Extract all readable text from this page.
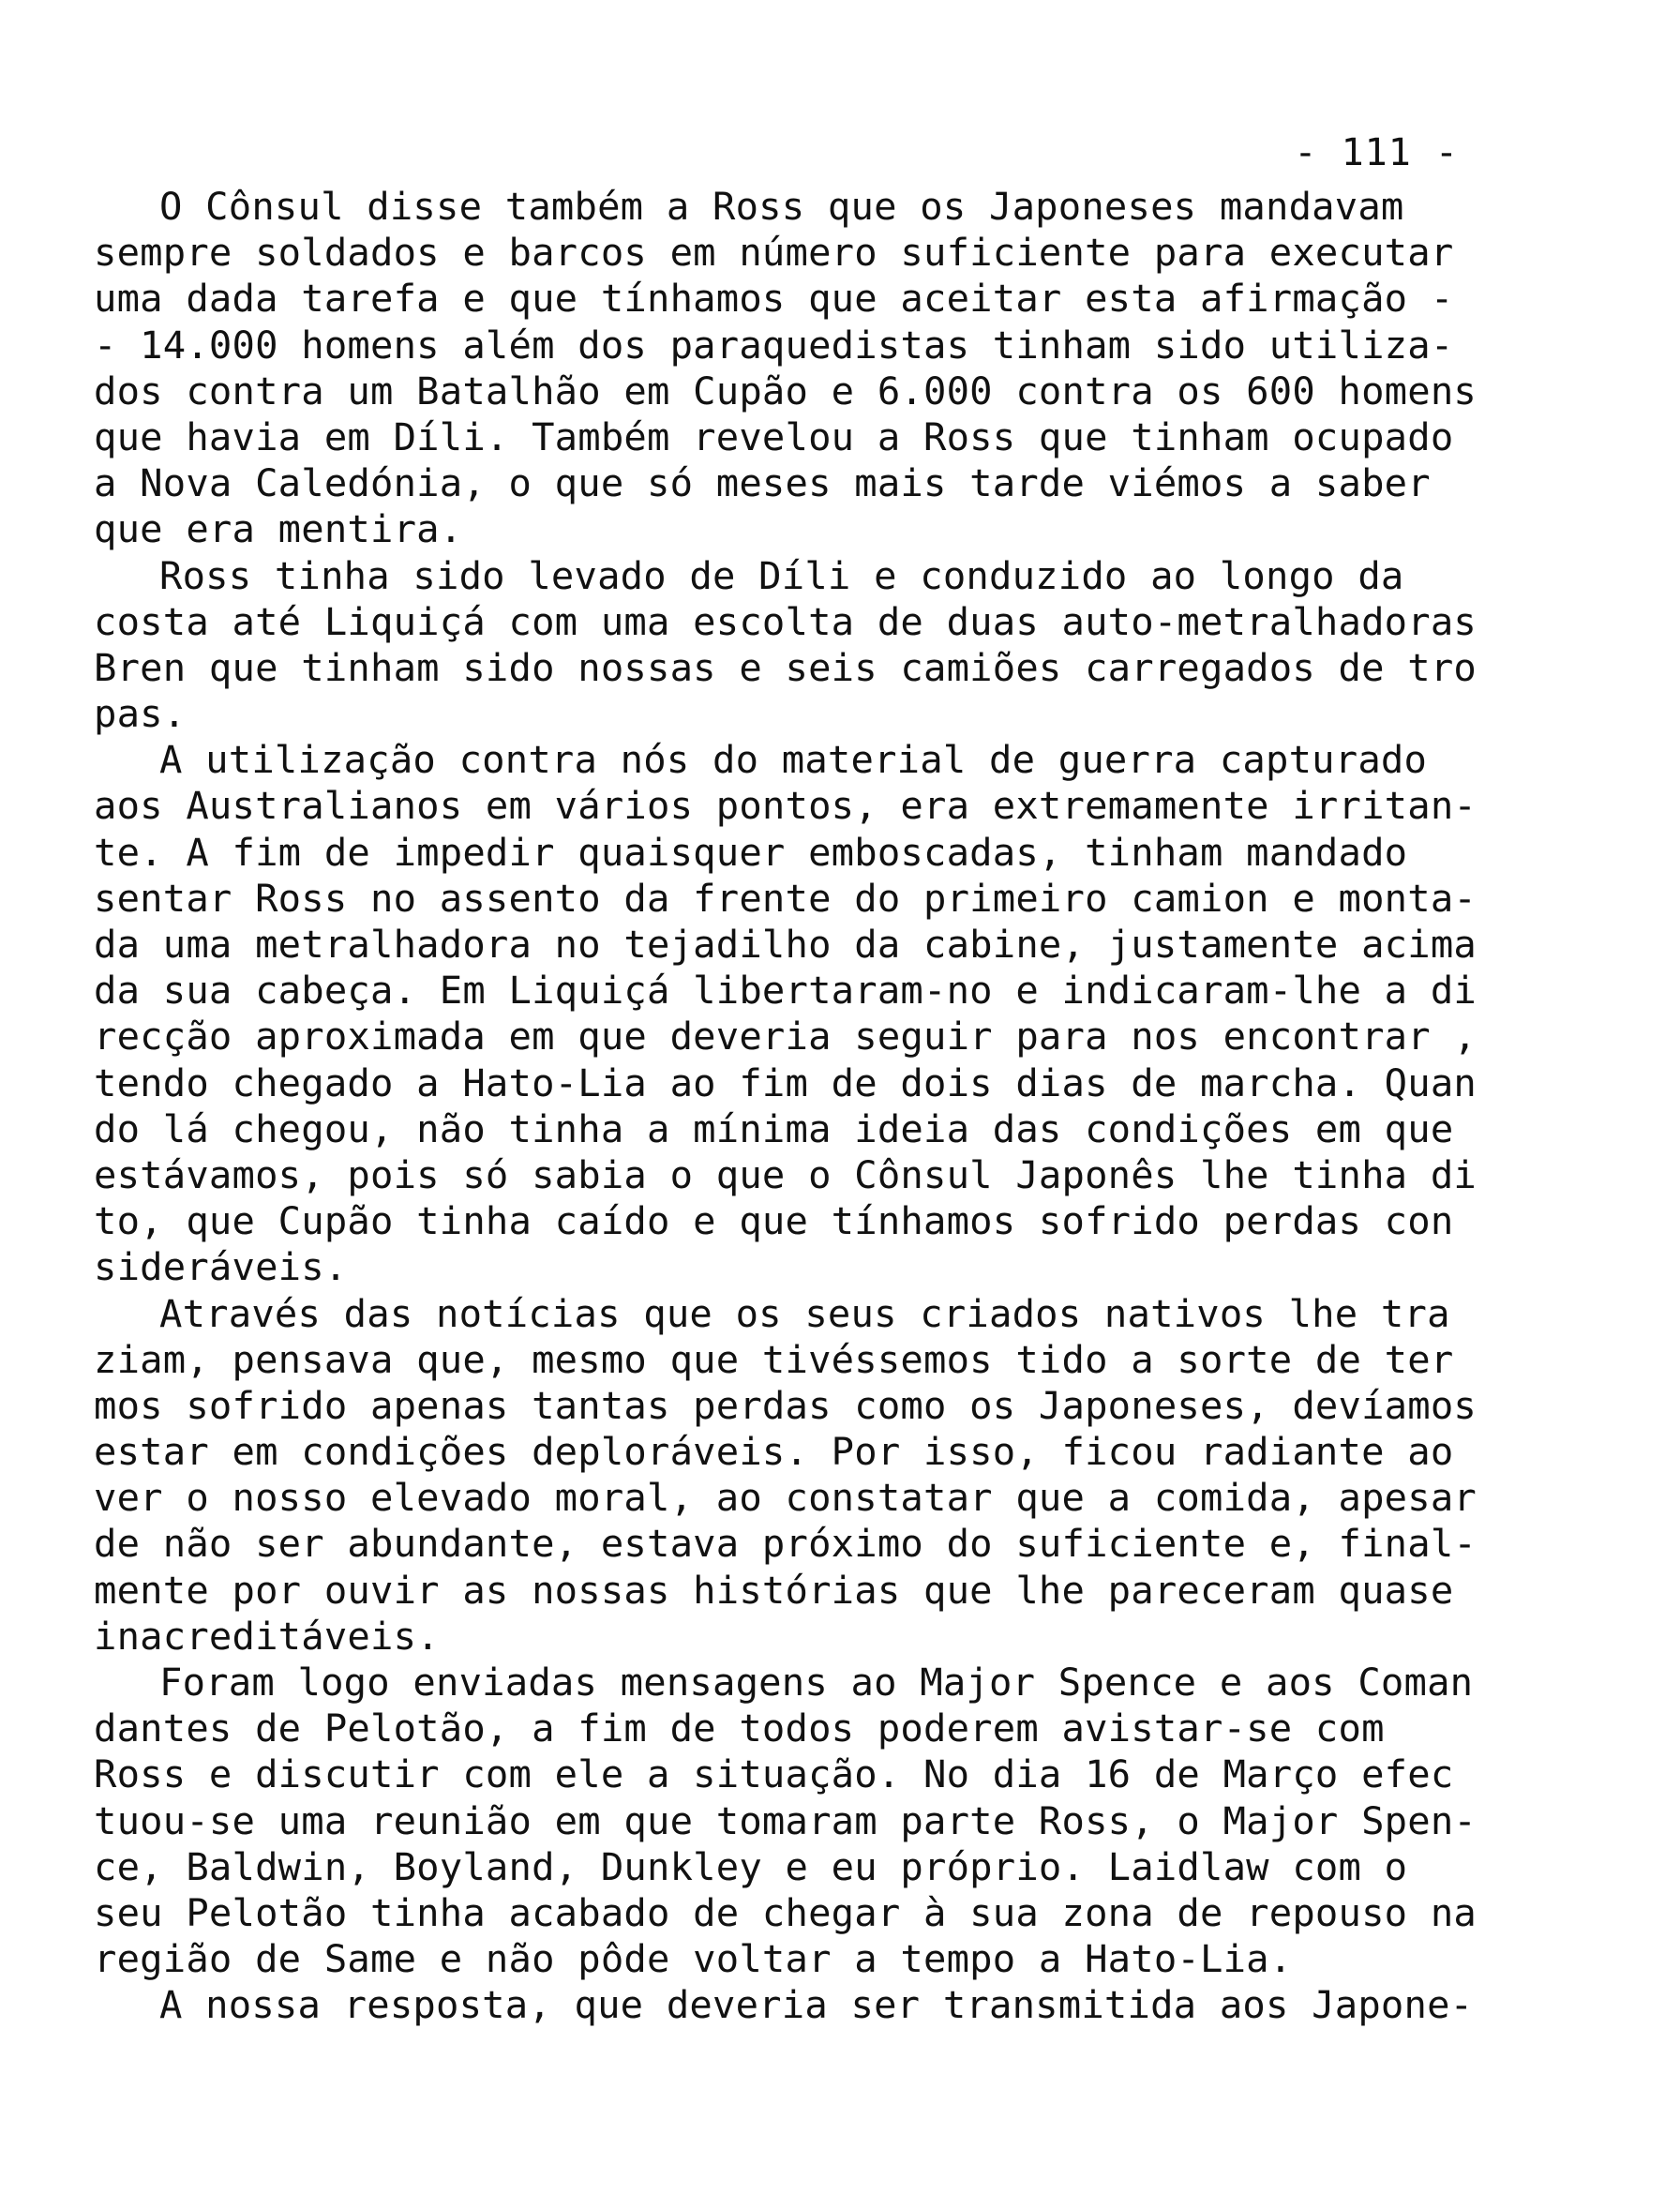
- 111 -
O Cônsul disse também a Ross que os Japoneses mandavam
sempre soldados e barcos em número suficiente para executar
uma dada tarefa e que tínhamos que aceitar esta afirmação -
- 14.000 homens além dos paraquedistas tinham sido utiliza-
dos contra um Batalhão em Cupão e 6.000 contra os 600 homens
que havia em Díli. Também revelou a Ross que tinham ocupado
a Nova Caledónia, o que só meses mais tarde viémos a saber
que era mentira.
Ross tinha sido levado de Díli e conduzido ao longo da
costa até Liquiçá com uma escolta de duas auto-metralhadoras
Bren que tinham sido nossas e seis camiões carregados de tro
pas.
A utilização contra nós do material de guerra capturado
aos Australianos em vários pontos, era extremamente irritan-
te. A fim de impedir quaisquer emboscadas, tinham mandado
sentar Ross no assento da frente do primeiro camion e monta-
da uma metralhadora no tejadilho da cabine, justamente acima
da sua cabeça. Em Liquiçá libertaram-no e indicaram-lhe a di
recção aproximada em que deveria seguir para nos encontrar ,
tendo chegado a Hato-Lia ao fim de dois dias de marcha. Quan
do lá chegou, não tinha a mínima ideia das condições em que
estávamos, pois só sabia o que o Cônsul Japonês lhe tinha di
to, que Cupão tinha caído e que tínhamos sofrido perdas con
sideráveis.
Através das notícias que os seus criados nativos lhe tra
ziam, pensava que, mesmo que tivéssemos tido a sorte de ter
mos sofrido apenas tantas perdas como os Japoneses, devíamos
estar em condições deploráveis. Por isso, ficou radiante ao
ver o nosso elevado moral, ao constatar que a comida, apesar
de não ser abundante, estava próximo do suficiente e, final-
mente por ouvir as nossas histórias que lhe pareceram quase
inacreditáveis.
Foram logo enviadas mensagens ao Major Spence e aos Coman
dantes de Pelotão, a fim de todos poderem avistar-se com
Ross e discutir com ele a situação. No dia 16 de Março efec
tuou-se uma reunião em que tomaram parte Ross, o Major Spen-
ce, Baldwin, Boyland, Dunkley e eu próprio. Laidlaw com o
seu Pelotão tinha acabado de chegar à sua zona de repouso na
região de Same e não pôde voltar a tempo a Hato-Lia.
A nossa resposta, que deveria ser transmitida aos Japone-
